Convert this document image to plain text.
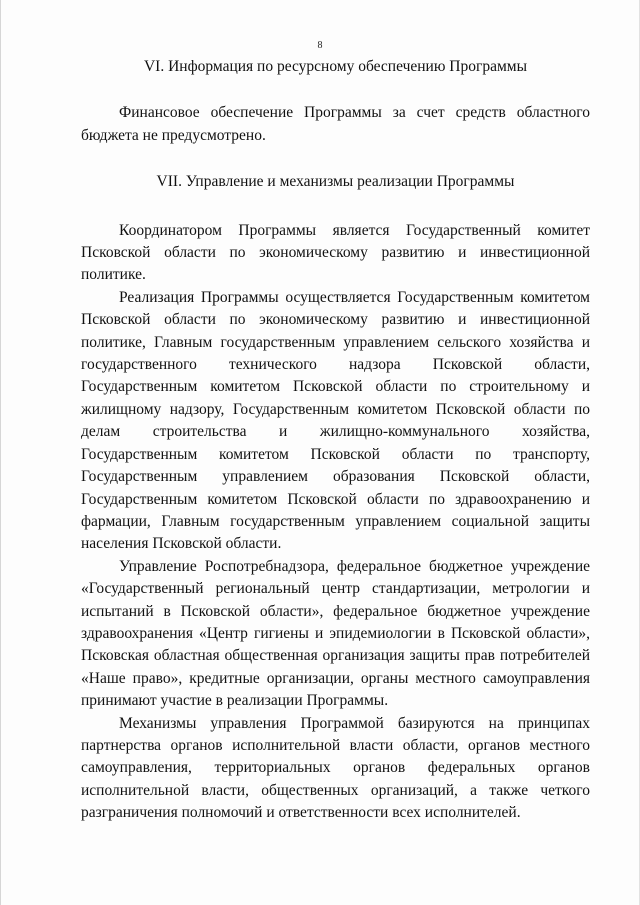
8

VI. Информация по ресурсному обеспечению Программы

Финансовое обеспечение Программы за счет средств областного бюджета не предусмотрено.

VII. Управление и механизмы реализации Программы

Координатором Программы является Государственный комитет Псковской области по экономическому развитию и инвестиционной политике.

Реализация Программы осуществляется Государственным комитетом Псковской области по экономическому развитию и инвестиционной политике, Главным государственным управлением сельского хозяйства и государственного технического надзора Псковской области, Государственным комитетом Псковской области по строительному и жилищному надзору, Государственным комитетом Псковской области по делам строительства и жилищно-коммунального хозяйства, Государственным комитетом Псковской области по транспорту, Государственным управлением образования Псковской области, Государственным комитетом Псковской области по здравоохранению и фармации, Главным государственным управлением социальной защиты населения Псковской области.

Управление Роспотребнадзора, федеральное бюджетное учреждение «Государственный региональный центр стандартизации, метрологии и испытаний в Псковской области», федеральное бюджетное учреждение здравоохранения «Центр гигиены и эпидемиологии в Псковской области», Псковская областная общественная организация защиты прав потребителей «Наше право», кредитные организации, органы местного самоуправления принимают участие в реализации Программы.

Механизмы управления Программой базируются на принципах партнерства органов исполнительной власти области, органов местного самоуправления, территориальных органов федеральных органов исполнительной власти, общественных организаций, а также четкого разграничения полномочий и ответственности всех исполнителей.
